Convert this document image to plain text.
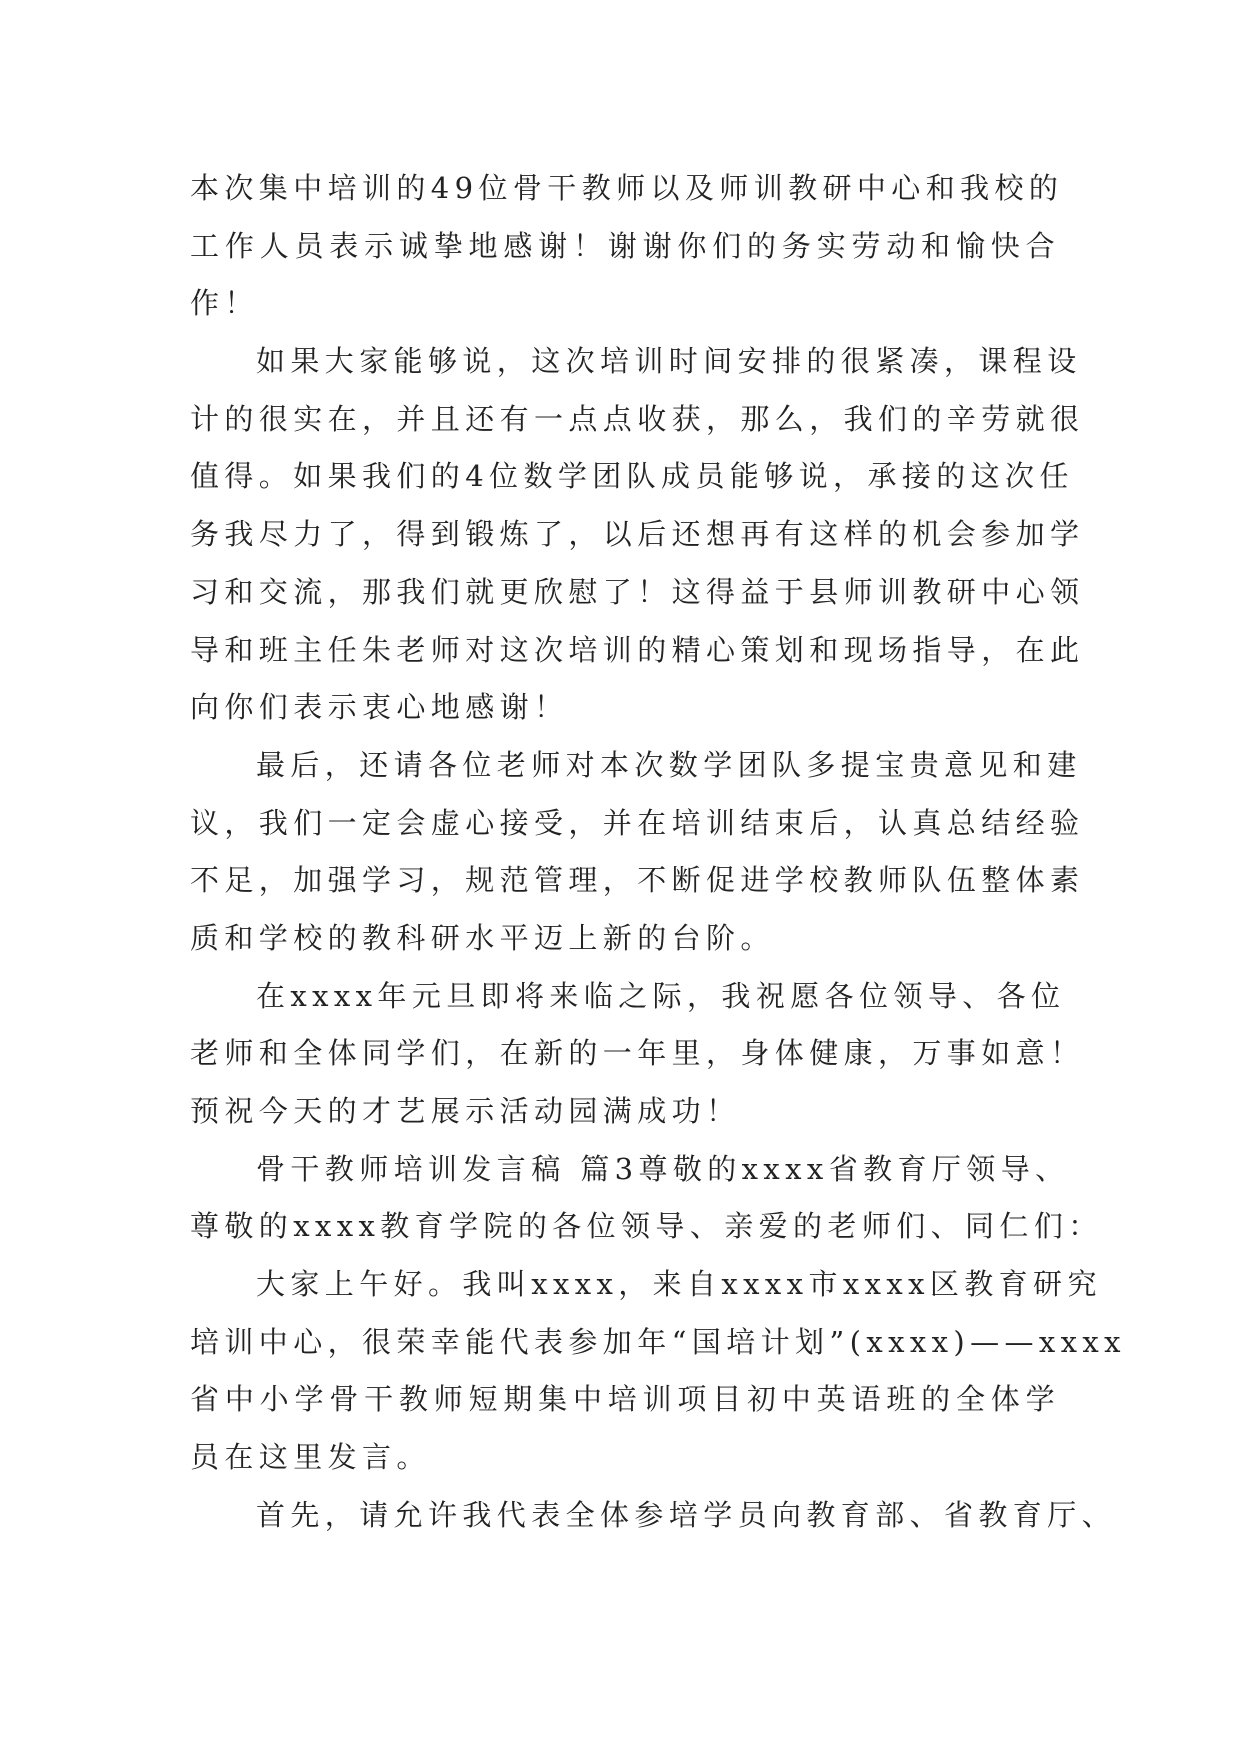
本次集中培训的49位骨干教师以及师训教研中心和我校的
工作人员表示诚挚地感谢！谢谢你们的务实劳动和愉快合
作！
如果大家能够说，这次培训时间安排的很紧凑，课程设
计的很实在，并且还有一点点收获，那么，我们的辛劳就很
值得。如果我们的4位数学团队成员能够说，承接的这次任
务我尽力了，得到锻炼了，以后还想再有这样的机会参加学
习和交流，那我们就更欣慰了！这得益于县师训教研中心领
导和班主任朱老师对这次培训的精心策划和现场指导，在此
向你们表示衷心地感谢！
最后，还请各位老师对本次数学团队多提宝贵意见和建
议，我们一定会虚心接受，并在培训结束后，认真总结经验
不足，加强学习，规范管理，不断促进学校教师队伍整体素
质和学校的教科研水平迈上新的台阶。
在xxxx年元旦即将来临之际，我祝愿各位领导、各位
老师和全体同学们，在新的一年里，身体健康，万事如意！
预祝今天的才艺展示活动园满成功！
骨干教师培训发言稿 篇3尊敬的xxxx省教育厅领导、
尊敬的xxxx教育学院的各位领导、亲爱的老师们、同仁们：
大家上午好。我叫xxxx，来自xxxx市xxxx区教育研究
培训中心，很荣幸能代表参加年“国培计划”(xxxx)——xxxx
省中小学骨干教师短期集中培训项目初中英语班的全体学
员在这里发言。
首先，请允许我代表全体参培学员向教育部、省教育厅、
